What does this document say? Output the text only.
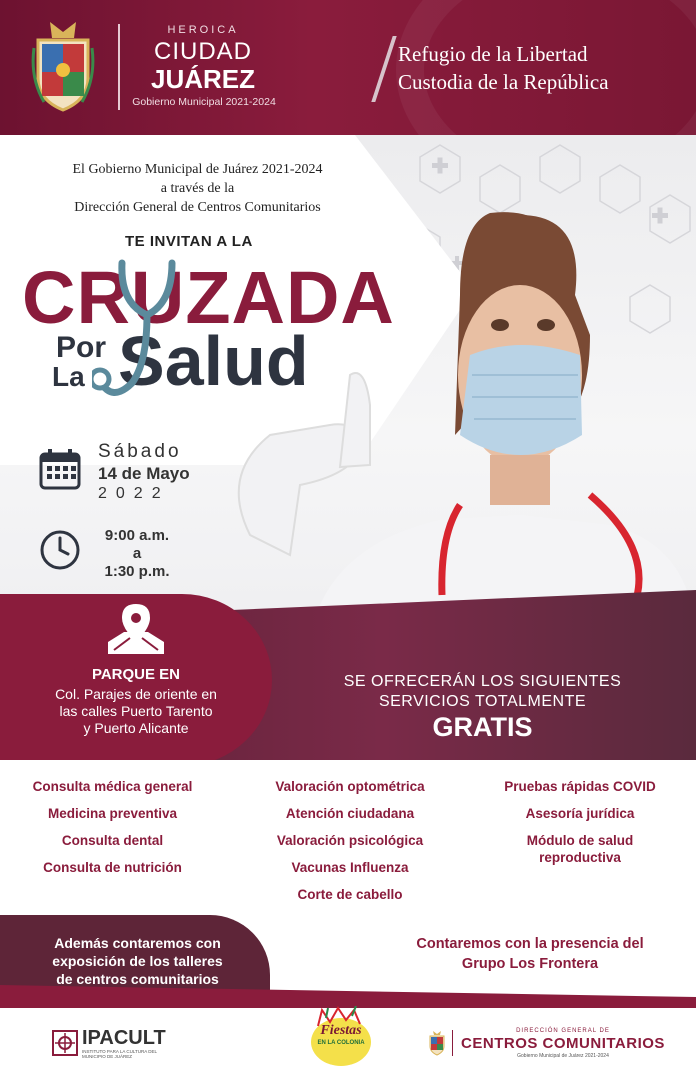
HEROICA
CIUDAD
JUÁREZ
Gobierno Municipal 2021-2024
Refugio de la Libertad
Custodia de la República
El Gobierno Municipal de Juárez 2021-2024
a través de la
Dirección General de Centros Comunitarios
TE INVITAN A LA
CRUZADA
Por
La Salud
Sábado
14 de Mayo
2022
9:00 a.m.
a
1:30 p.m.
PARQUE EN
Col. Parajes de oriente en
las calles Puerto Tarento
y Puerto Alicante
SE OFRECERÁN LOS SIGUIENTES
SERVICIOS TOTALMENTE
GRATIS
Consulta médica general
Medicina preventiva
Consulta dental
Consulta de nutrición
Valoración optométrica
Atención ciudadana
Valoración psicológica
Vacunas Influenza
Corte de cabello
Pruebas rápidas COVID
Asesoría jurídica
Módulo de salud reproductiva
Además contaremos con
exposición de los talleres
de centros comunitarios
Contaremos con la presencia del
Grupo Los Frontera
IPACULT
INSTITUTO PARA LA CULTURA DEL MUNICIPIO DE JUÁREZ
Fiestas
EN LA COLONIA
DIRECCIÓN GENERAL DE
CENTROS COMUNITARIOS
Gobierno Municipal de Juárez 2021-2024
